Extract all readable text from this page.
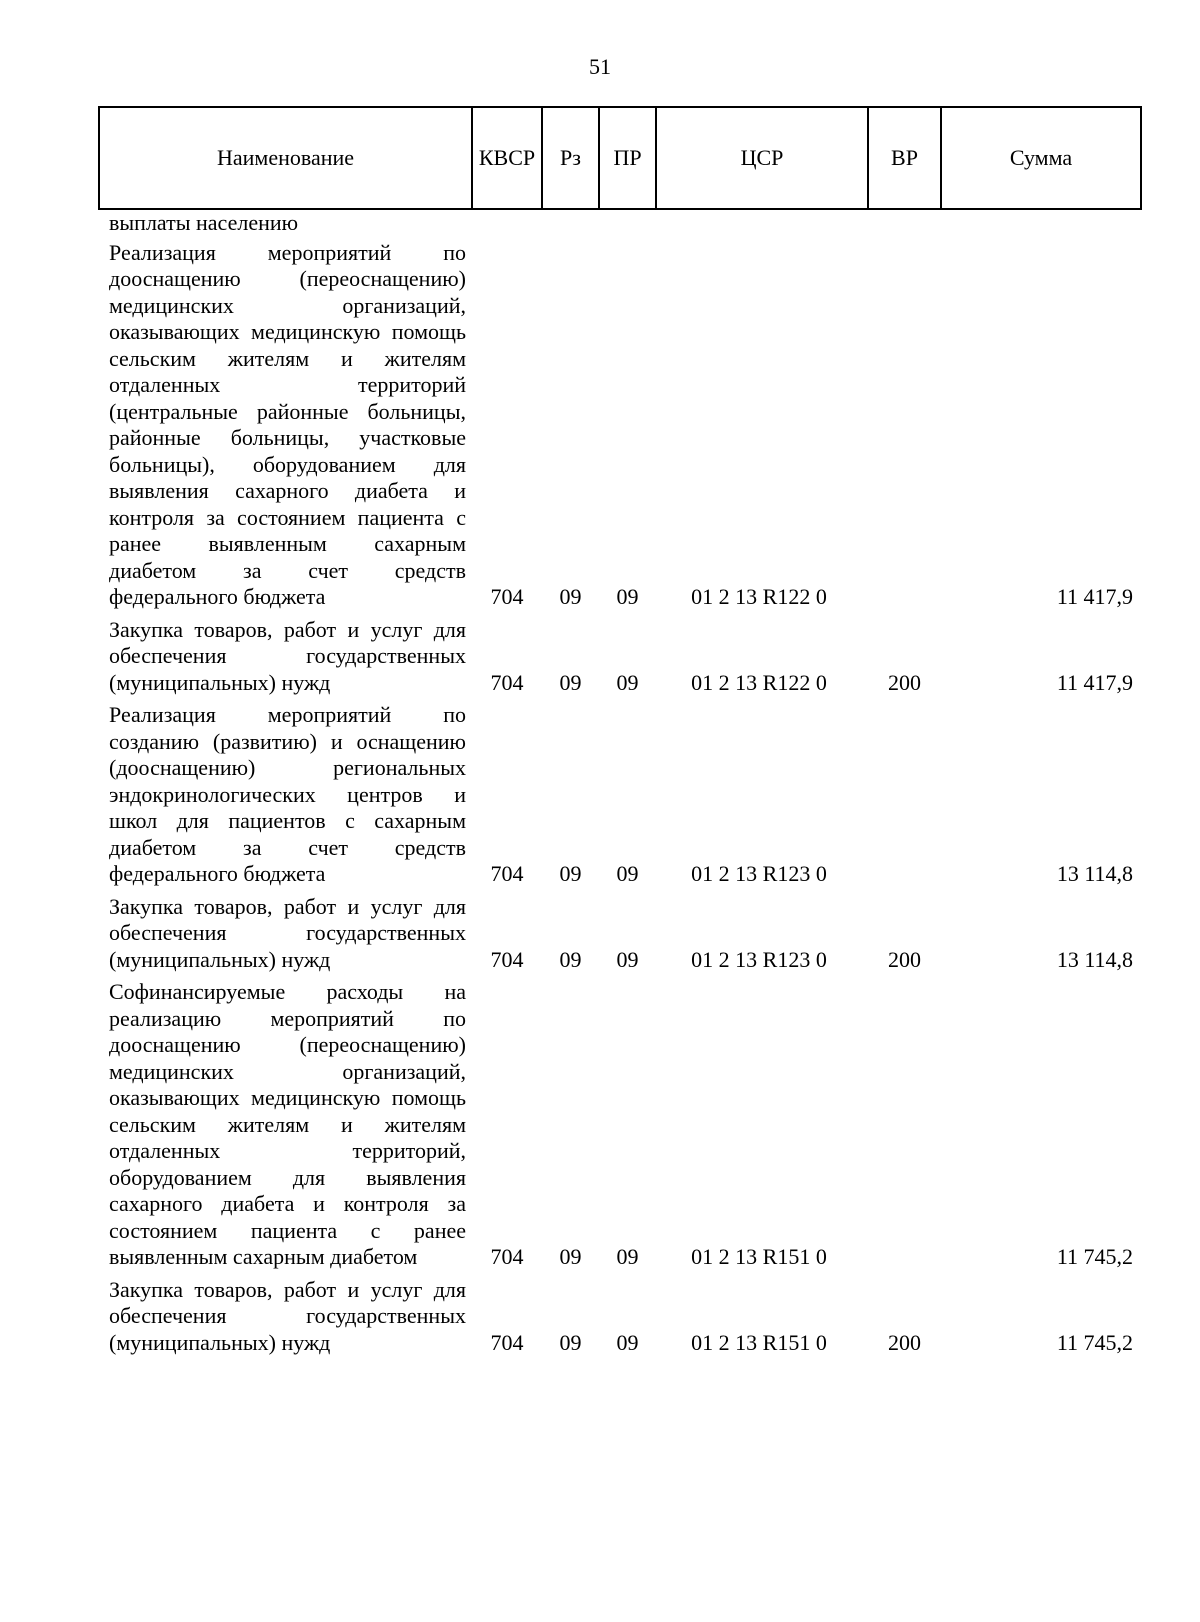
51
Наименование	КВСР	Рз	ПР	ЦСР	ВР	Сумма
выплаты населению						
Реализация мероприятий по дооснащению (переоснащению) медицинских организаций, оказывающих медицинскую помощь сельским жителям и жителям отдаленных территорий (центральные районные больницы, районные больницы, участковые больницы), оборудованием для выявления сахарного диабета и контроля за состоянием пациента с ранее выявленным сахарным диабетом за счет средств федерального бюджета	704	09	09	01 2 13 R122 0		11 417,9
Закупка товаров, работ и услуг для обеспечения государственных (муниципальных) нужд	704	09	09	01 2 13 R122 0	200	11 417,9
Реализация мероприятий по созданию (развитию) и оснащению (дооснащению) региональных эндокринологических центров и школ для пациентов с сахарным диабетом за счет средств федерального бюджета	704	09	09	01 2 13 R123 0		13 114,8
Закупка товаров, работ и услуг для обеспечения государственных (муниципальных) нужд	704	09	09	01 2 13 R123 0	200	13 114,8
Софинансируемые расходы на реализацию мероприятий по дооснащению (переоснащению) медицинских организаций, оказывающих медицинскую помощь сельским жителям и жителям отдаленных территорий, оборудованием для выявления сахарного диабета и контроля за состоянием пациента с ранее выявленным сахарным диабетом	704	09	09	01 2 13 R151 0		11 745,2
Закупка товаров, работ и услуг для обеспечения государственных (муниципальных) нужд	704	09	09	01 2 13 R151 0	200	11 745,2
